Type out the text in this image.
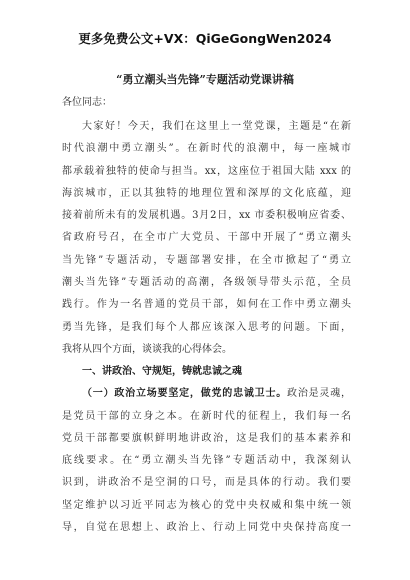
更多免费公文+VX：QiGeGongWen2024
“勇立潮头当先锋”专题活动党课讲稿
各位同志：
大家好！今天，我们在这里上一堂党课，主题是“在新
时代浪潮中勇立潮头”。在新时代的浪潮中，每一座城市
都承载着独特的使命与担当。xx，这座位于祖国大陆 xxx 的
海滨城市，正以其独特的地理位置和深厚的文化底蕴，迎
接着前所未有的发展机遇。3月2日，xx 市委积极响应省委、
省政府号召，在全市广大党员、干部中开展了“勇立潮头
当先锋”专题活动，专题部署安排，在全市掀起了“勇立
潮头当先锋”专题活动的高潮，各级领导带头示范，全员
践行。作为一名普通的党员干部，如何在工作中勇立潮头
勇当先锋，是我们每个人都应该深入思考的问题。下面，
我将从四个方面，谈谈我的心得体会。
一、讲政治、守规矩，铸就忠诚之魂
（一）政治立场要坚定，做党的忠诚卫士。政治是灵魂，
是党员干部的立身之本。在新时代的征程上，我们每一名
党员干部都要旗帜鲜明地讲政治，这是我们的基本素养和
底线要求。在“勇立潮头当先锋”专题活动中，我深刻认
识到，讲政治不是空洞的口号，而是具体的行动。我们要
坚定维护以习近平同志为核心的党中央权威和集中统一领
导，自觉在思想上、政治上、行动上同党中央保持高度一
